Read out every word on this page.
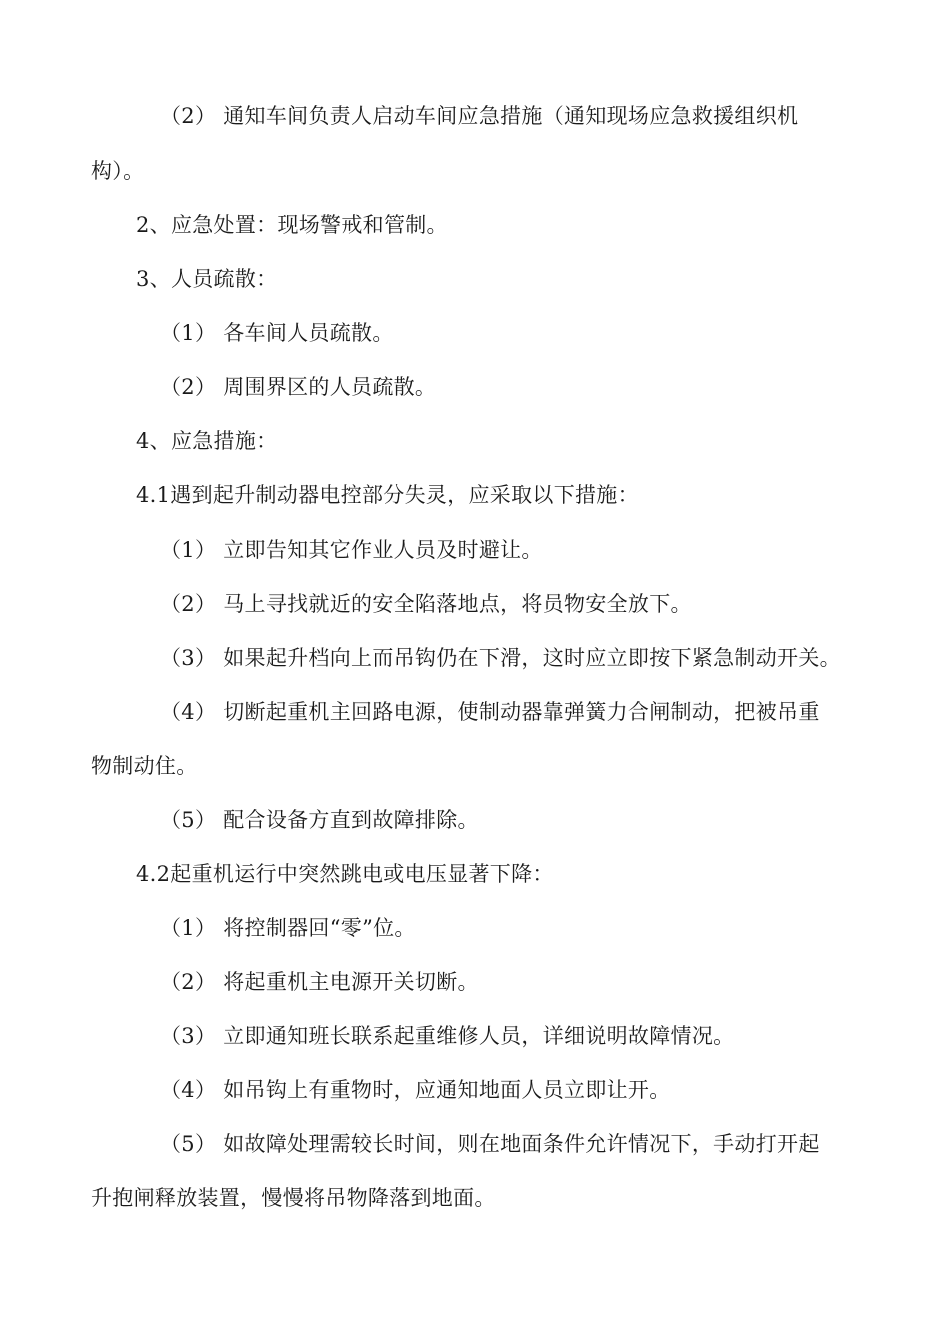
（2） 通知车间负责人启动车间应急措施（通知现场应急救援组织机
构）。
2、应急处置：现场警戒和管制。
3、人员疏散：
（1） 各车间人员疏散。
（2） 周围界区的人员疏散。
4、应急措施：
4.1遇到起升制动器电控部分失灵，应采取以下措施：
（1） 立即告知其它作业人员及时避让。
（2） 马上寻找就近的安全陷落地点，将员物安全放下。
（3） 如果起升档向上而吊钩仍在下滑，这时应立即按下紧急制动开关。
（4） 切断起重机主回路电源，使制动器靠弹簧力合闸制动，把被吊重
物制动住。
（5） 配合设备方直到故障排除。
4.2起重机运行中突然跳电或电压显著下降：
（1） 将控制器回“零”位。
（2） 将起重机主电源开关切断。
（3） 立即通知班长联系起重维修人员，详细说明故障情况。
（4） 如吊钩上有重物时，应通知地面人员立即让开。
（5） 如故障处理需较长时间，则在地面条件允许情况下，手动打开起
升抱闸释放装置，慢慢将吊物降落到地面。
